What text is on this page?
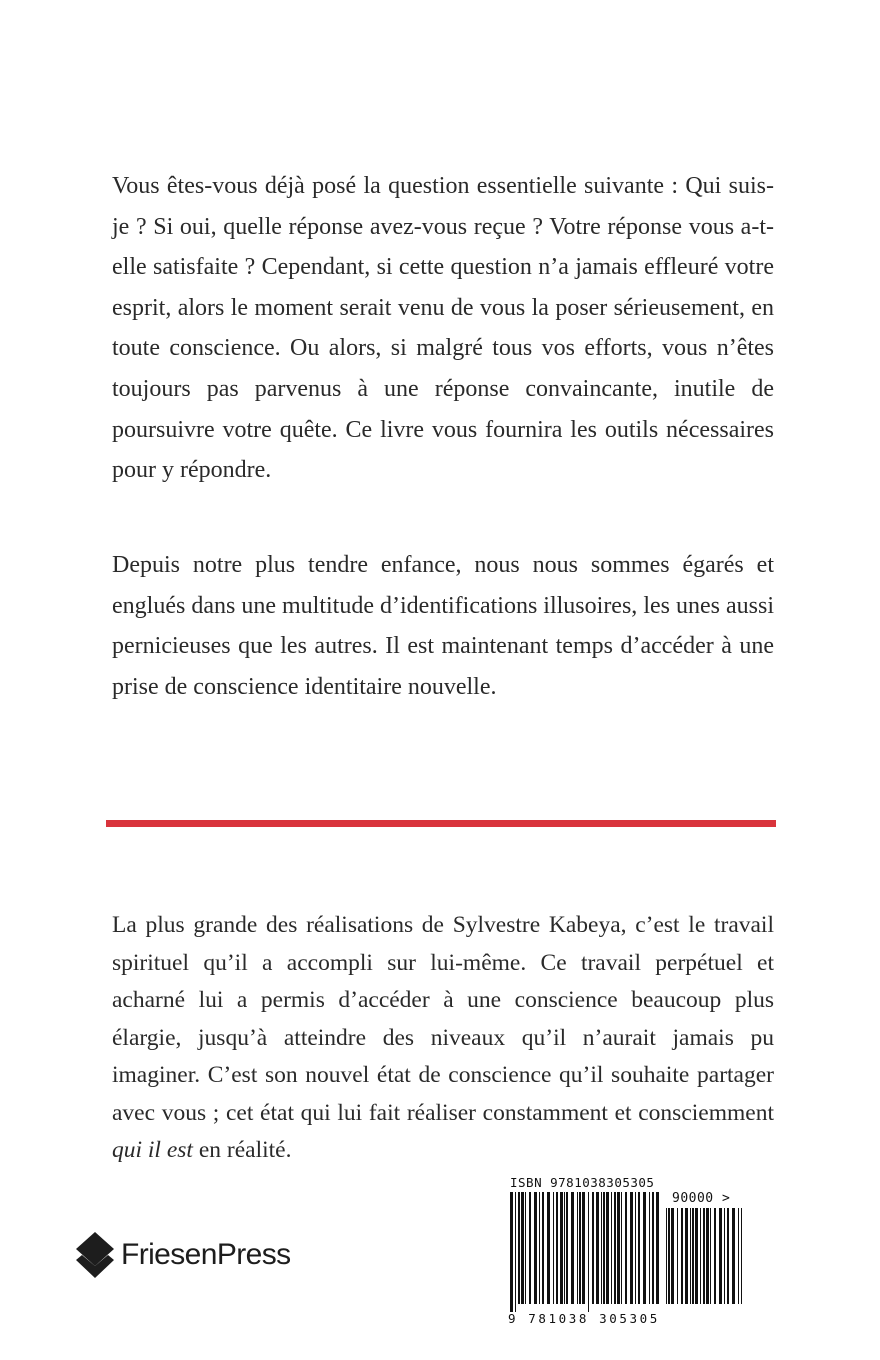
Vous êtes-vous déjà posé la question essentielle suivante : Qui suis-je ? Si oui, quelle réponse avez-vous reçue ? Votre réponse vous a-t-elle satisfaite ? Cependant, si cette question n’a jamais effleuré votre esprit, alors le moment serait venu de vous la poser sérieusement, en toute conscience. Ou alors, si malgré tous vos efforts, vous n’êtes toujours pas parvenus à une réponse convaincante, inutile de poursuivre votre quête. Ce livre vous fournira les outils nécessaires pour y répondre.

Depuis notre plus tendre enfance, nous nous sommes égarés et englués dans une multitude d’identifications illusoires, les unes aussi pernicieuses que les autres. Il est maintenant temps d’accéder à une prise de conscience identitaire nouvelle.

La plus grande des réalisations de Sylvestre Kabeya, c’est le travail spirituel qu’il a accompli sur lui-même. Ce travail perpétuel et acharné lui a permis d’accéder à une conscience beaucoup plus élargie, jusqu’à atteindre des niveaux qu’il n’aurait jamais pu imaginer. C’est son nouvel état de conscience qu’il souhaite partager avec vous ; cet état qui lui fait réaliser constamment et consciemment qui il est en réalité.

FriesenPress
ISBN 9781038305305
90000 >
9 781038 305305
